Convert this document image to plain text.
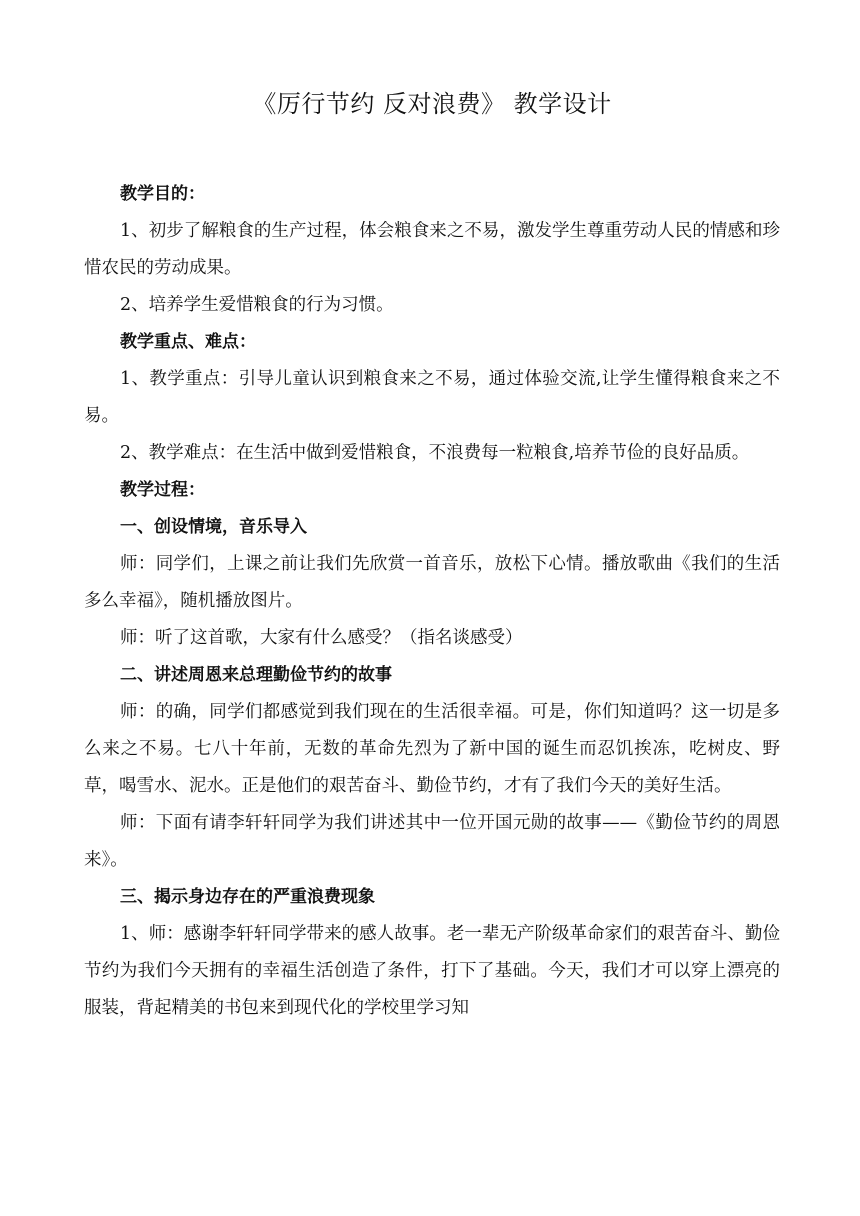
《厉行节约 反对浪费》 教学设计

教学目的：

1、初步了解粮食的生产过程，体会粮食来之不易，激发学生尊重劳动人民的情感和珍惜农民的劳动成果。

2、培养学生爱惜粮食的行为习惯。

教学重点、难点：

1、教学重点：引导儿童认识到粮食来之不易，通过体验交流,让学生懂得粮食来之不易。

2、教学难点：在生活中做到爱惜粮食，不浪费每一粒粮食,培养节俭的良好品质。

教学过程：

一、创设情境，音乐导入

师：同学们，上课之前让我们先欣赏一首音乐，放松下心情。播放歌曲《我们的生活多么幸福》，随机播放图片。

师：听了这首歌，大家有什么感受？（指名谈感受）

二、讲述周恩来总理勤俭节约的故事

师：的确，同学们都感觉到我们现在的生活很幸福。可是，你们知道吗？这一切是多么来之不易。七八十年前，无数的革命先烈为了新中国的诞生而忍饥挨冻，吃树皮、野草，喝雪水、泥水。正是他们的艰苦奋斗、勤俭节约，才有了我们今天的美好生活。

师：下面有请李轩轩同学为我们讲述其中一位开国元勋的故事——《勤俭节约的周恩来》。

三、揭示身边存在的严重浪费现象

1、师：感谢李轩轩同学带来的感人故事。老一辈无产阶级革命家们的艰苦奋斗、勤俭节约为我们今天拥有的幸福生活创造了条件，打下了基础。今天，我们才可以穿上漂亮的服装，背起精美的书包来到现代化的学校里学习知
